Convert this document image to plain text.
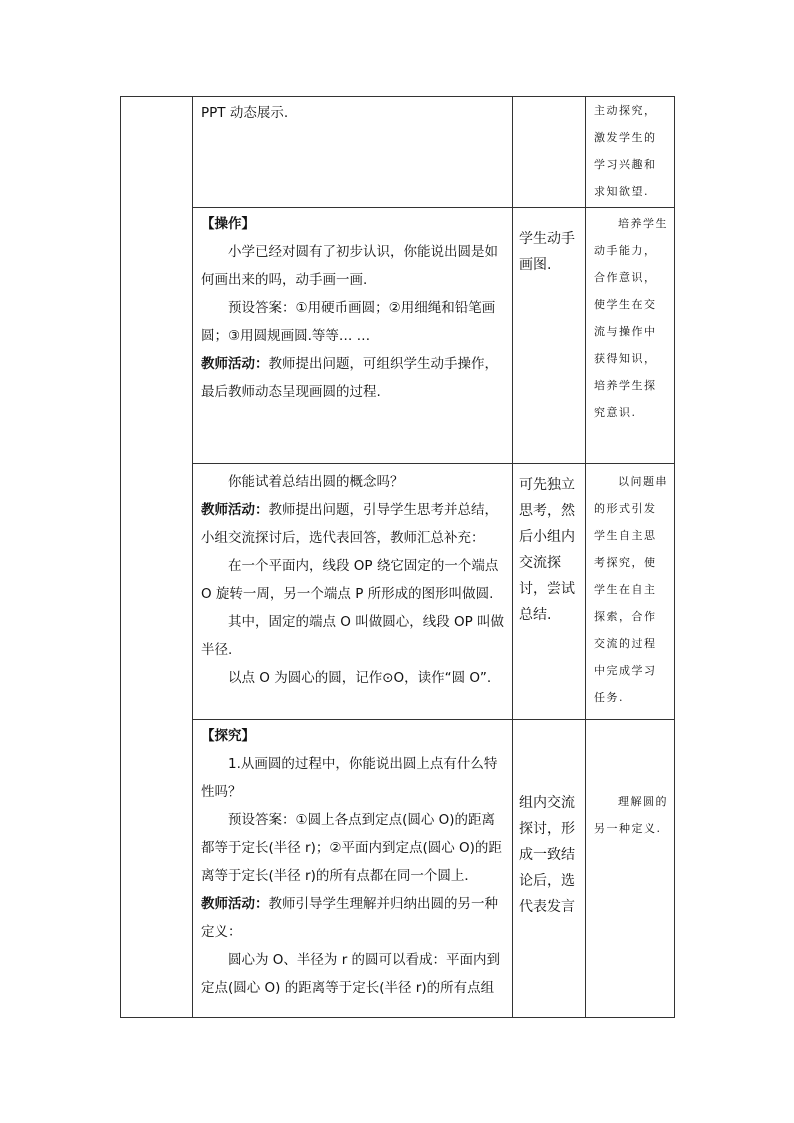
	PPT 动态展示.		主动探究，激发学生的学习兴趣和求知欲望.

	【操作】

小学已经对圆有了初步认识，你能说出圆是如何画出来的吗，动手画一画.

预设答案：①用硬币画圆；②用细绳和铅笔画圆；③用圆规画圆.等等… …

教师活动：教师提出问题，可组织学生动手操作，最后教师动态呈现画圆的过程.	学生动手画图.	培养学生动手能力，合作意识，使学生在交流与操作中获得知识，培养学生探究意识.

	你能试着总结出圆的概念吗？

教师活动：教师提出问题，引导学生思考并总结，小组交流探讨后，选代表回答，教师汇总补充：

在一个平面内，线段 OP 绕它固定的一个端点 O 旋转一周，另一个端点 P 所形成的图形叫做圆.

其中，固定的端点 O 叫做圆心，线段 OP 叫做半径.

以点 O 为圆心的圆，记作⊙O，读作“圆 O”.	可先独立思考，然后小组内交流探讨，尝试总结.	以问题串的形式引发学生自主思考探究，使学生在自主探索，合作交流的过程中完成学习任务.

	【探究】

1.从画圆的过程中，你能说出圆上点有什么特性吗？

预设答案：①圆上各点到定点(圆心 O)的距离都等于定长(半径 r)；②平面内到定点(圆心 O)的距离等于定长(半径 r)的所有点都在同一个圆上．

教师活动：教师引导学生理解并归纳出圆的另一种定义：

圆心为 O、半径为 r 的圆可以看成：平面内到定点(圆心 O) 的距离等于定长(半径 r)的所有点组	组内交流探讨，形成一致结论后，选代表发言	理解圆的另一种定义.
